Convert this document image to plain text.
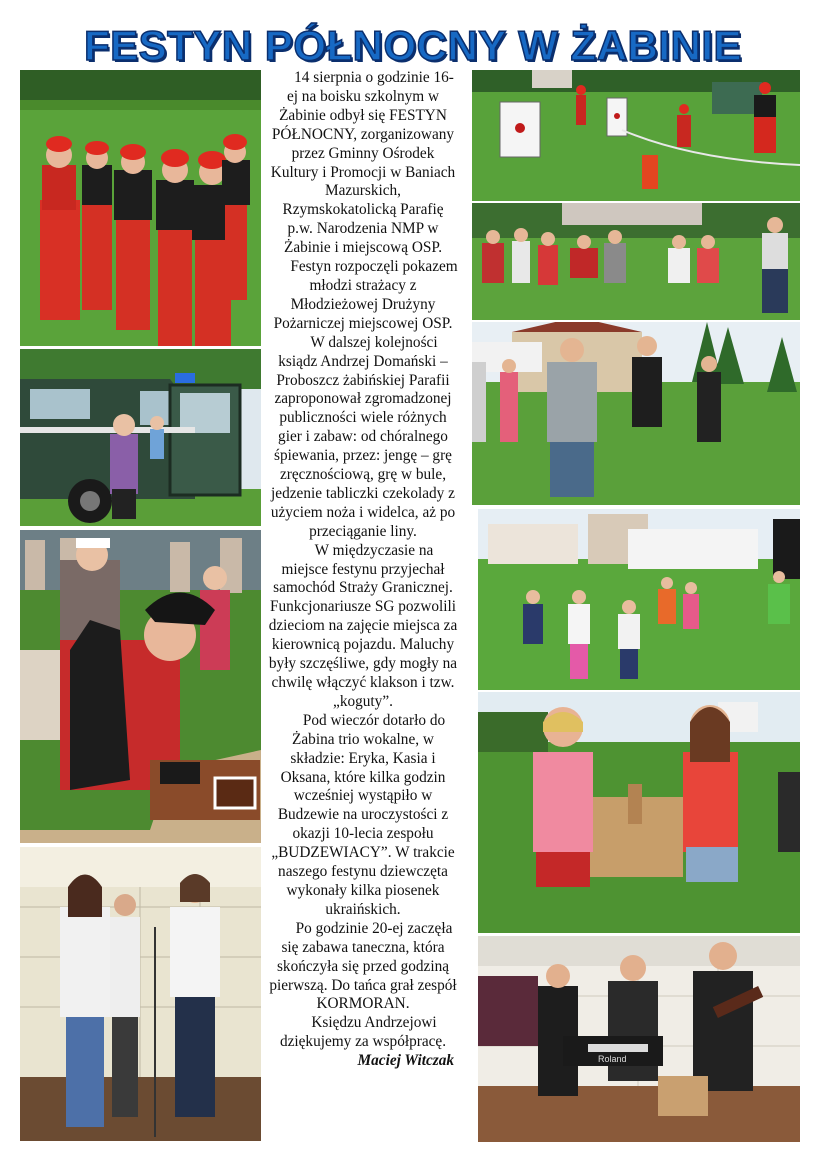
FESTYN PÓŁNOCNY W ŻABINIE

14 sierpnia o godzinie 16-ej na boisku szkolnym w Żabinie odbył się FESTYN PÓŁNOCNY, zorganizowany przez Gminny Ośrodek Kultury i Promocji w Baniach Mazurskich, Rzymskokatolicką Parafię p.w. Narodzenia NMP w Żabinie i miejscową OSP.

Festyn rozpoczęli pokazem młodzi strażacy z Młodzieżowej Drużyny Pożarniczej miejscowej OSP.

W dalszej kolejności ksiądz Andrzej Domański – Proboszcz żabińskiej Parafii zaproponował zgromadzonej publiczności wiele różnych gier i zabaw: od chóralnego śpiewania, przez: jengę – grę zręcznościową, grę w bule, jedzenie tabliczki czekolady z użyciem noża i widelca, aż po przeciąganie liny.

W międzyczasie na miejsce festynu przyjechał samochód Straży Granicznej. Funkcjonariusze SG pozwolili dzieciom na zajęcie miejsca za kierownicą pojazdu. Maluchy były szczęśliwe, gdy mogły na chwilę włączyć klakson i tzw. „koguty”.

Pod wieczór dotarło do Żabina trio wokalne, w składzie: Eryka, Kasia i Oksana, które kilka godzin wcześniej wystąpiło w Budzewie na uroczystości z okazji 10-lecia zespołu „BUDZEWIACY”. W trakcie naszego festynu dziewczęta wykonały kilka piosenek ukraińskich.

Po godzinie 20-ej zaczęła się zabawa taneczna, która skończyła się przed godziną pierwszą. Do tańca grał zespół KORMORAN.

Księdzu Andrzejowi dziękujemy za współpracę.

Maciej Witczak	Roland
